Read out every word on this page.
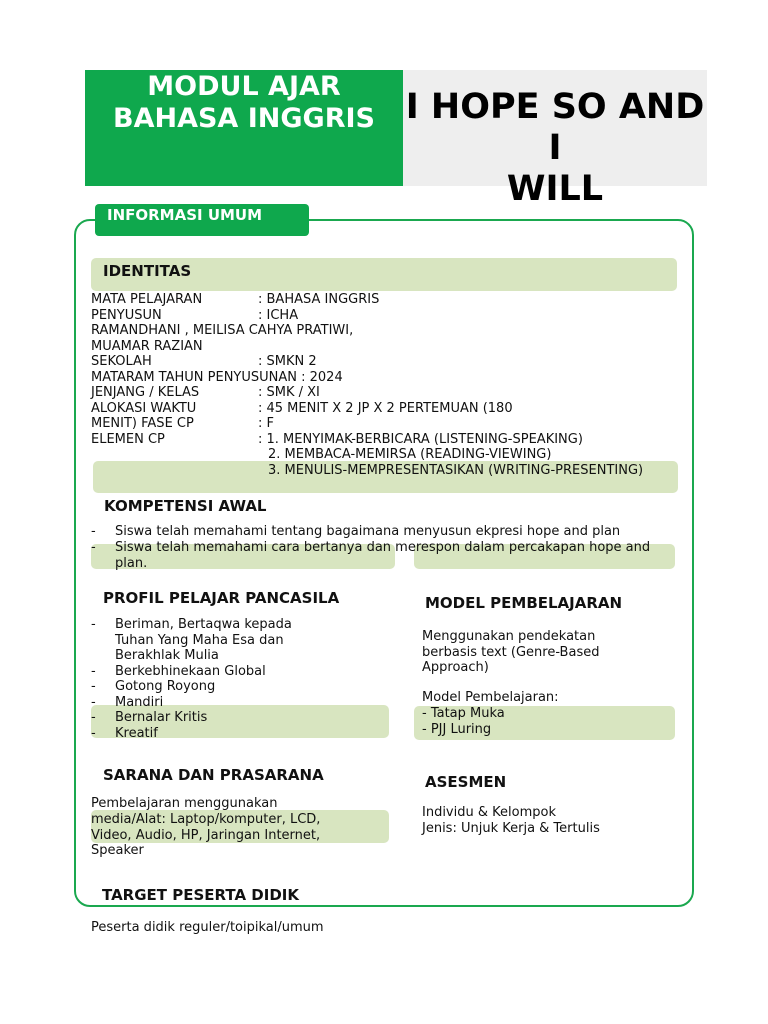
MODUL AJAR
BAHASA INGGRIS I HOPE SO AND I
WILL
INFORMASI UMUM
IDENTITAS
MATA PELAJARAN	: BAHASA INGGRIS
PENYUSUN	: ICHA
RAMANDHANI , MEILISA CAHYA PRATIWI,
MUAMAR RAZIAN
SEKOLAH	: SMKN 2
MATARAM TAHUN PENYUSUNAN : 2024
JENJANG / KELAS	: SMK / XI
ALOKASI WAKTU	: 45 MENIT X 2 JP X 2 PERTEMUAN (180
MENIT) FASE CP	: F
ELEMEN CP	: 1. MENYIMAK-BERBICARA (LISTENING-SPEAKING)
2. MEMBACA-MEMIRSA (READING-VIEWING)
3. MENULIS-MEMPRESENTASIKAN (WRITING-PRESENTING)
KOMPETENSI AWAL
- Siswa telah memahami tentang bagaimana menyusun ekpresi hope and plan
- Siswa telah memahami cara bertanya dan merespon dalam percakapan hope and
plan.
PROFIL PELAJAR PANCASILA
- Beriman, Bertaqwa kepada
Tuhan Yang Maha Esa dan
Berakhlak Mulia
- Berkebhinekaan Global
- Gotong Royong
- Mandiri
- Bernalar Kritis
- Kreatif
MODEL PEMBELAJARAN
Menggunakan pendekatan
berbasis text (Genre-Based
Approach)
Model Pembelajaran:
- Tatap Muka
- PJJ Luring
SARANA DAN PRASARANA
Pembelajaran menggunakan
media/Alat: Laptop/komputer, LCD,
Video, Audio, HP, Jaringan Internet,
Speaker
ASESMEN
Individu & Kelompok
Jenis: Unjuk Kerja & Tertulis
TARGET PESERTA DIDIK
Peserta didik reguler/toipikal/umum
